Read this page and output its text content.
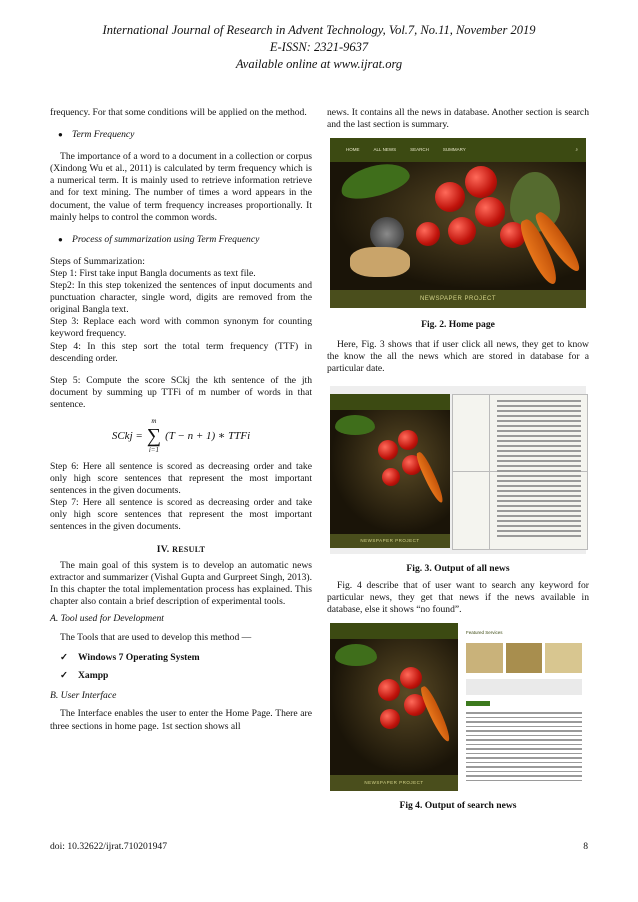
International Journal of Research in Advent Technology, Vol.7, No.11, November 2019
E-ISSN: 2321-9637
Available online at www.ijrat.org

frequency. For that some conditions will be applied on the method.

● Term Frequency

The importance of a word to a document in a collection or corpus (Xindong Wu et al., 2011) is calculated by term frequency which is a numerical term. It is mainly used to retrieve information retrieve and for text mining. The number of times a word appears in the document, the value of term frequency increases proportionally. It mainly helps to control the common words.

● Process of summarization using Term Frequency

Steps of Summarization:

Step 1: First take input Bangla documents as text file.

Step2: In this step tokenized the sentences of input documents and punctuation character, single word, digits are removed from the original Bangla text.

Step 3: Replace each word with common synonym for counting keyword frequency.

Step 4: In this step sort the total term frequency (TTF) in descending order.

Step 5: Compute the score SCkj the kth sentence of the jth document by summing up TTFi of m number of words in that sentence.

SCkj =
m
∑
i=1
(T − n + 1) ∗ TTFi

Step 6: Here all sentence is scored as decreasing order and take only high score sentences that represent the most important sentences in the given documents.

Step 7: Here all sentence is scored as decreasing order and take only high score sentences that represent the most important sentences in the given documents.

IV. RESULT

The main goal of this system is to develop an automatic news extractor and summarizer (Vishal Gupta and Gurpreet Singh, 2013). In this chapter the total implementation process has explained. This chapter also contain a brief description of experimental tools.

A. Tool used for Development

The Tools that are used to develop this method —

✓	Windows 7 Operating System
✓	Xampp

B. User Interface

The Interface enables the user to enter the Home Page. There are three sections in home page. 1st section shows all

news. It contains all the news in database. Another section is search and the last section is summary.

HOME	ALL NEWS	SEARCH	SUMMARY	⌕
NEWSPAPER PROJECT
Fig. 2. Home page

Here, Fig. 3 shows that if user click all news, they get to know the know the all the news which are stored in database for a particular date.

NEWSPAPER PROJECT
Fig. 3. Output of all news

Fig. 4 describe that of user want to search any keyword for particular news, they get that news if the news available in database, else it shows “no found”.

NEWSPAPER PROJECT
Featured Services
Fig 4. Output of search news
doi: 10.32622/ijrat.710201947	8
